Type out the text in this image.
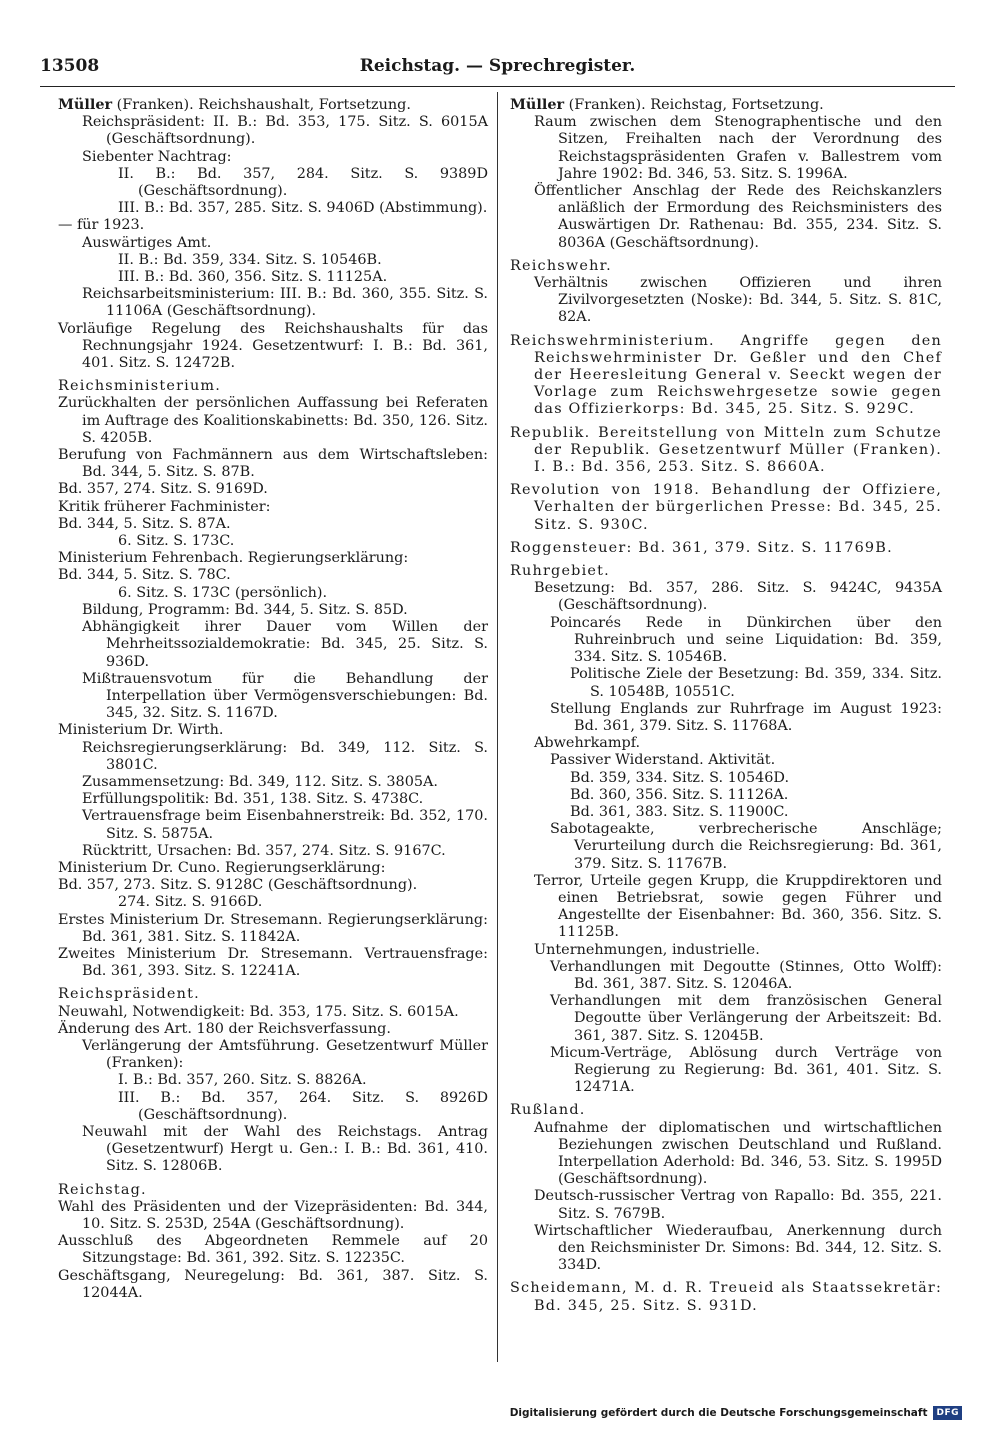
13508	Reichstag. — Sprechregister.

Müller (Franken). Reichshaushalt, Fortsetzung.

Reichspräsident: II. B.: Bd. 353, 175. Sitz. S. 6015A (Geschäftsordnung).

Siebenter Nachtrag:

II. B.: Bd. 357, 284. Sitz. S. 9389D (Geschäftsordnung).

III. B.: Bd. 357, 285. Sitz. S. 9406D (Abstimmung).

— für 1923.

Auswärtiges Amt.

II. B.: Bd. 359, 334. Sitz. S. 10546B.

III. B.: Bd. 360, 356. Sitz. S. 11125A.

Reichsarbeitsministerium: III. B.: Bd. 360, 355. Sitz. S. 11106A (Geschäftsordnung).

Vorläufige Regelung des Reichshaushalts für das Rechnungsjahr 1924. Gesetzentwurf: I. B.: Bd. 361, 401. Sitz. S. 12472B.

Reichsministerium.

Zurückhalten der persönlichen Auffassung bei Referaten im Auftrage des Koalitionskabinetts: Bd. 350, 126. Sitz. S. 4205B.

Berufung von Fachmännern aus dem Wirtschaftsleben: Bd. 344, 5. Sitz. S. 87B.

Bd. 357, 274. Sitz. S. 9169D.

Kritik früherer Fachminister:

Bd. 344, 5. Sitz. S. 87A.

6. Sitz. S. 173C.

Ministerium Fehrenbach. Regierungserklärung:

Bd. 344, 5. Sitz. S. 78C.

6. Sitz. S. 173C (persönlich).

Bildung, Programm: Bd. 344, 5. Sitz. S. 85D.

Abhängigkeit ihrer Dauer vom Willen der Mehrheitssozialdemokratie: Bd. 345, 25. Sitz. S. 936D.

Mißtrauensvotum für die Behandlung der Interpellation über Vermögensverschiebungen: Bd. 345, 32. Sitz. S. 1167D.

Ministerium Dr. Wirth.

Reichsregierungserklärung: Bd. 349, 112. Sitz. S. 3801C.

Zusammensetzung: Bd. 349, 112. Sitz. S. 3805A.

Erfüllungspolitik: Bd. 351, 138. Sitz. S. 4738C.

Vertrauensfrage beim Eisenbahnerstreik: Bd. 352, 170. Sitz. S. 5875A.

Rücktritt, Ursachen: Bd. 357, 274. Sitz. S. 9167C.

Ministerium Dr. Cuno. Regierungserklärung:

Bd. 357, 273. Sitz. S. 9128C (Geschäftsordnung).

274. Sitz. S. 9166D.

Erstes Ministerium Dr. Stresemann. Regierungserklärung: Bd. 361, 381. Sitz. S. 11842A.

Zweites Ministerium Dr. Stresemann. Vertrauensfrage: Bd. 361, 393. Sitz. S. 12241A.

Reichspräsident.

Neuwahl, Notwendigkeit: Bd. 353, 175. Sitz. S. 6015A.

Änderung des Art. 180 der Reichsverfassung.

Verlängerung der Amtsführung. Gesetzentwurf Müller (Franken):

I. B.: Bd. 357, 260. Sitz. S. 8826A.

III. B.: Bd. 357, 264. Sitz. S. 8926D (Geschäftsordnung).

Neuwahl mit der Wahl des Reichstags. Antrag (Gesetzentwurf) Hergt u. Gen.: I. B.: Bd. 361, 410. Sitz. S. 12806B.

Reichstag.

Wahl des Präsidenten und der Vizepräsidenten: Bd. 344, 10. Sitz. S. 253D, 254A (Geschäftsordnung).

Ausschluß des Abgeordneten Remmele auf 20 Sitzungstage: Bd. 361, 392. Sitz. S. 12235C.

Geschäftsgang, Neuregelung: Bd. 361, 387. Sitz. S. 12044A.

Müller (Franken). Reichstag, Fortsetzung.

Raum zwischen dem Stenographentische und den Sitzen, Freihalten nach der Verordnung des Reichstagspräsidenten Grafen v. Ballestrem vom Jahre 1902: Bd. 346, 53. Sitz. S. 1996A.

Öffentlicher Anschlag der Rede des Reichskanzlers anläßlich der Ermordung des Reichsministers des Auswärtigen Dr. Rathenau: Bd. 355, 234. Sitz. S. 8036A (Geschäftsordnung).

Reichswehr.

Verhältnis zwischen Offizieren und ihren Zivilvorgesetzten (Noske): Bd. 344, 5. Sitz. S. 81C, 82A.

Reichswehrministerium. Angriffe gegen den Reichswehrminister Dr. Geßler und den Chef der Heeresleitung General v. Seeckt wegen der Vorlage zum Reichswehrgesetze sowie gegen das Offizierkorps: Bd. 345, 25. Sitz. S. 929C.

Republik. Bereitstellung von Mitteln zum Schutze der Republik. Gesetzentwurf Müller (Franken). I. B.: Bd. 356, 253. Sitz. S. 8660A.

Revolution von 1918. Behandlung der Offiziere, Verhalten der bürgerlichen Presse: Bd. 345, 25. Sitz. S. 930C.

Roggensteuer: Bd. 361, 379. Sitz. S. 11769B.

Ruhrgebiet.

Besetzung: Bd. 357, 286. Sitz. S. 9424C, 9435A (Geschäftsordnung).

Poincarés Rede in Dünkirchen über den Ruhreinbruch und seine Liquidation: Bd. 359, 334. Sitz. S. 10546B.

Politische Ziele der Besetzung: Bd. 359, 334. Sitz. S. 10548B, 10551C.

Stellung Englands zur Ruhrfrage im August 1923: Bd. 361, 379. Sitz. S. 11768A.

Abwehrkampf.

Passiver Widerstand. Aktivität.

Bd. 359, 334. Sitz. S. 10546D.

Bd. 360, 356. Sitz. S. 11126A.

Bd. 361, 383. Sitz. S. 11900C.

Sabotageakte, verbrecherische Anschläge; Verurteilung durch die Reichsregierung: Bd. 361, 379. Sitz. S. 11767B.

Terror, Urteile gegen Krupp, die Kruppdirektoren und einen Betriebsrat, sowie gegen Führer und Angestellte der Eisenbahner: Bd. 360, 356. Sitz. S. 11125B.

Unternehmungen, industrielle.

Verhandlungen mit Degoutte (Stinnes, Otto Wolff): Bd. 361, 387. Sitz. S. 12046A.

Verhandlungen mit dem französischen General Degoutte über Verlängerung der Arbeitszeit: Bd. 361, 387. Sitz. S. 12045B.

Micum-Verträge, Ablösung durch Verträge von Regierung zu Regierung: Bd. 361, 401. Sitz. S. 12471A.

Rußland.

Aufnahme der diplomatischen und wirtschaftlichen Beziehungen zwischen Deutschland und Rußland. Interpellation Aderhold: Bd. 346, 53. Sitz. S. 1995D (Geschäftsordnung).

Deutsch-russischer Vertrag von Rapallo: Bd. 355, 221. Sitz. S. 7679B.

Wirtschaftlicher Wiederaufbau, Anerkennung durch den Reichsminister Dr. Simons: Bd. 344, 12. Sitz. S. 334D.

Scheidemann, M. d. R. Treueid als Staatssekretär: Bd. 345, 25. Sitz. S. 931D.

Digitalisierung gefördert durch die Deutsche Forschungsgemeinschaft	DFG
